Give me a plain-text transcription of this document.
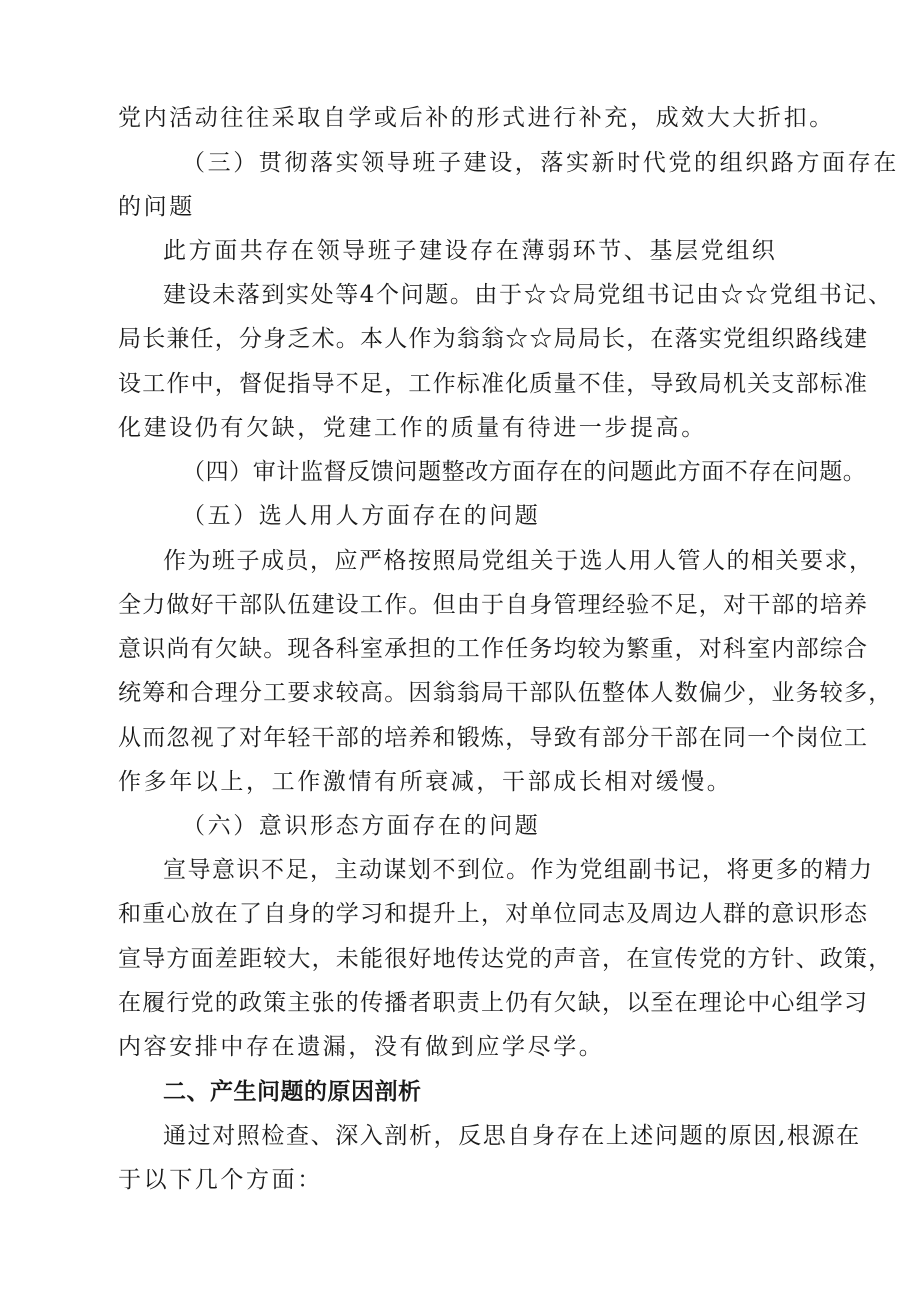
党内活动往往采取自学或后补的形式进行补充，成效大大折扣。
（三）贯彻落实领导班子建设，落实新时代党的组织路方面存在
的问题
此方面共存在领导班子建设存在薄弱环节、基层党组织
建设未落到实处等4个问题。由于☆☆局党组书记由☆☆党组书记、
局长兼任，分身乏术。本人作为翁翁☆☆局局长，在落实党组织路线建
设工作中，督促指导不足，工作标准化质量不佳，导致局机关支部标准
化建设仍有欠缺，党建工作的质量有待进一步提高。
（四）审计监督反馈问题整改方面存在的问题此方面不存在问题。
（五）选人用人方面存在的问题
作为班子成员，应严格按照局党组关于选人用人管人的相关要求，
全力做好干部队伍建设工作。但由于自身管理经验不足，对干部的培养
意识尚有欠缺。现各科室承担的工作任务均较为繁重，对科室内部综合
统筹和合理分工要求较高。因翁翁局干部队伍整体人数偏少，业务较多，
从而忽视了对年轻干部的培养和锻炼，导致有部分干部在同一个岗位工
作多年以上，工作激情有所衰减，干部成长相对缓慢。
（六）意识形态方面存在的问题
宣导意识不足，主动谋划不到位。作为党组副书记，将更多的精力
和重心放在了自身的学习和提升上，对单位同志及周边人群的意识形态
宣导方面差距较大，未能很好地传达党的声音，在宣传党的方针、政策，
在履行党的政策主张的传播者职责上仍有欠缺，以至在理论中心组学习
内容安排中存在遗漏，没有做到应学尽学。
二、产生问题的原因剖析
通过对照检查、深入剖析，反思自身存在上述问题的原因,根源在
于以下几个方面：
